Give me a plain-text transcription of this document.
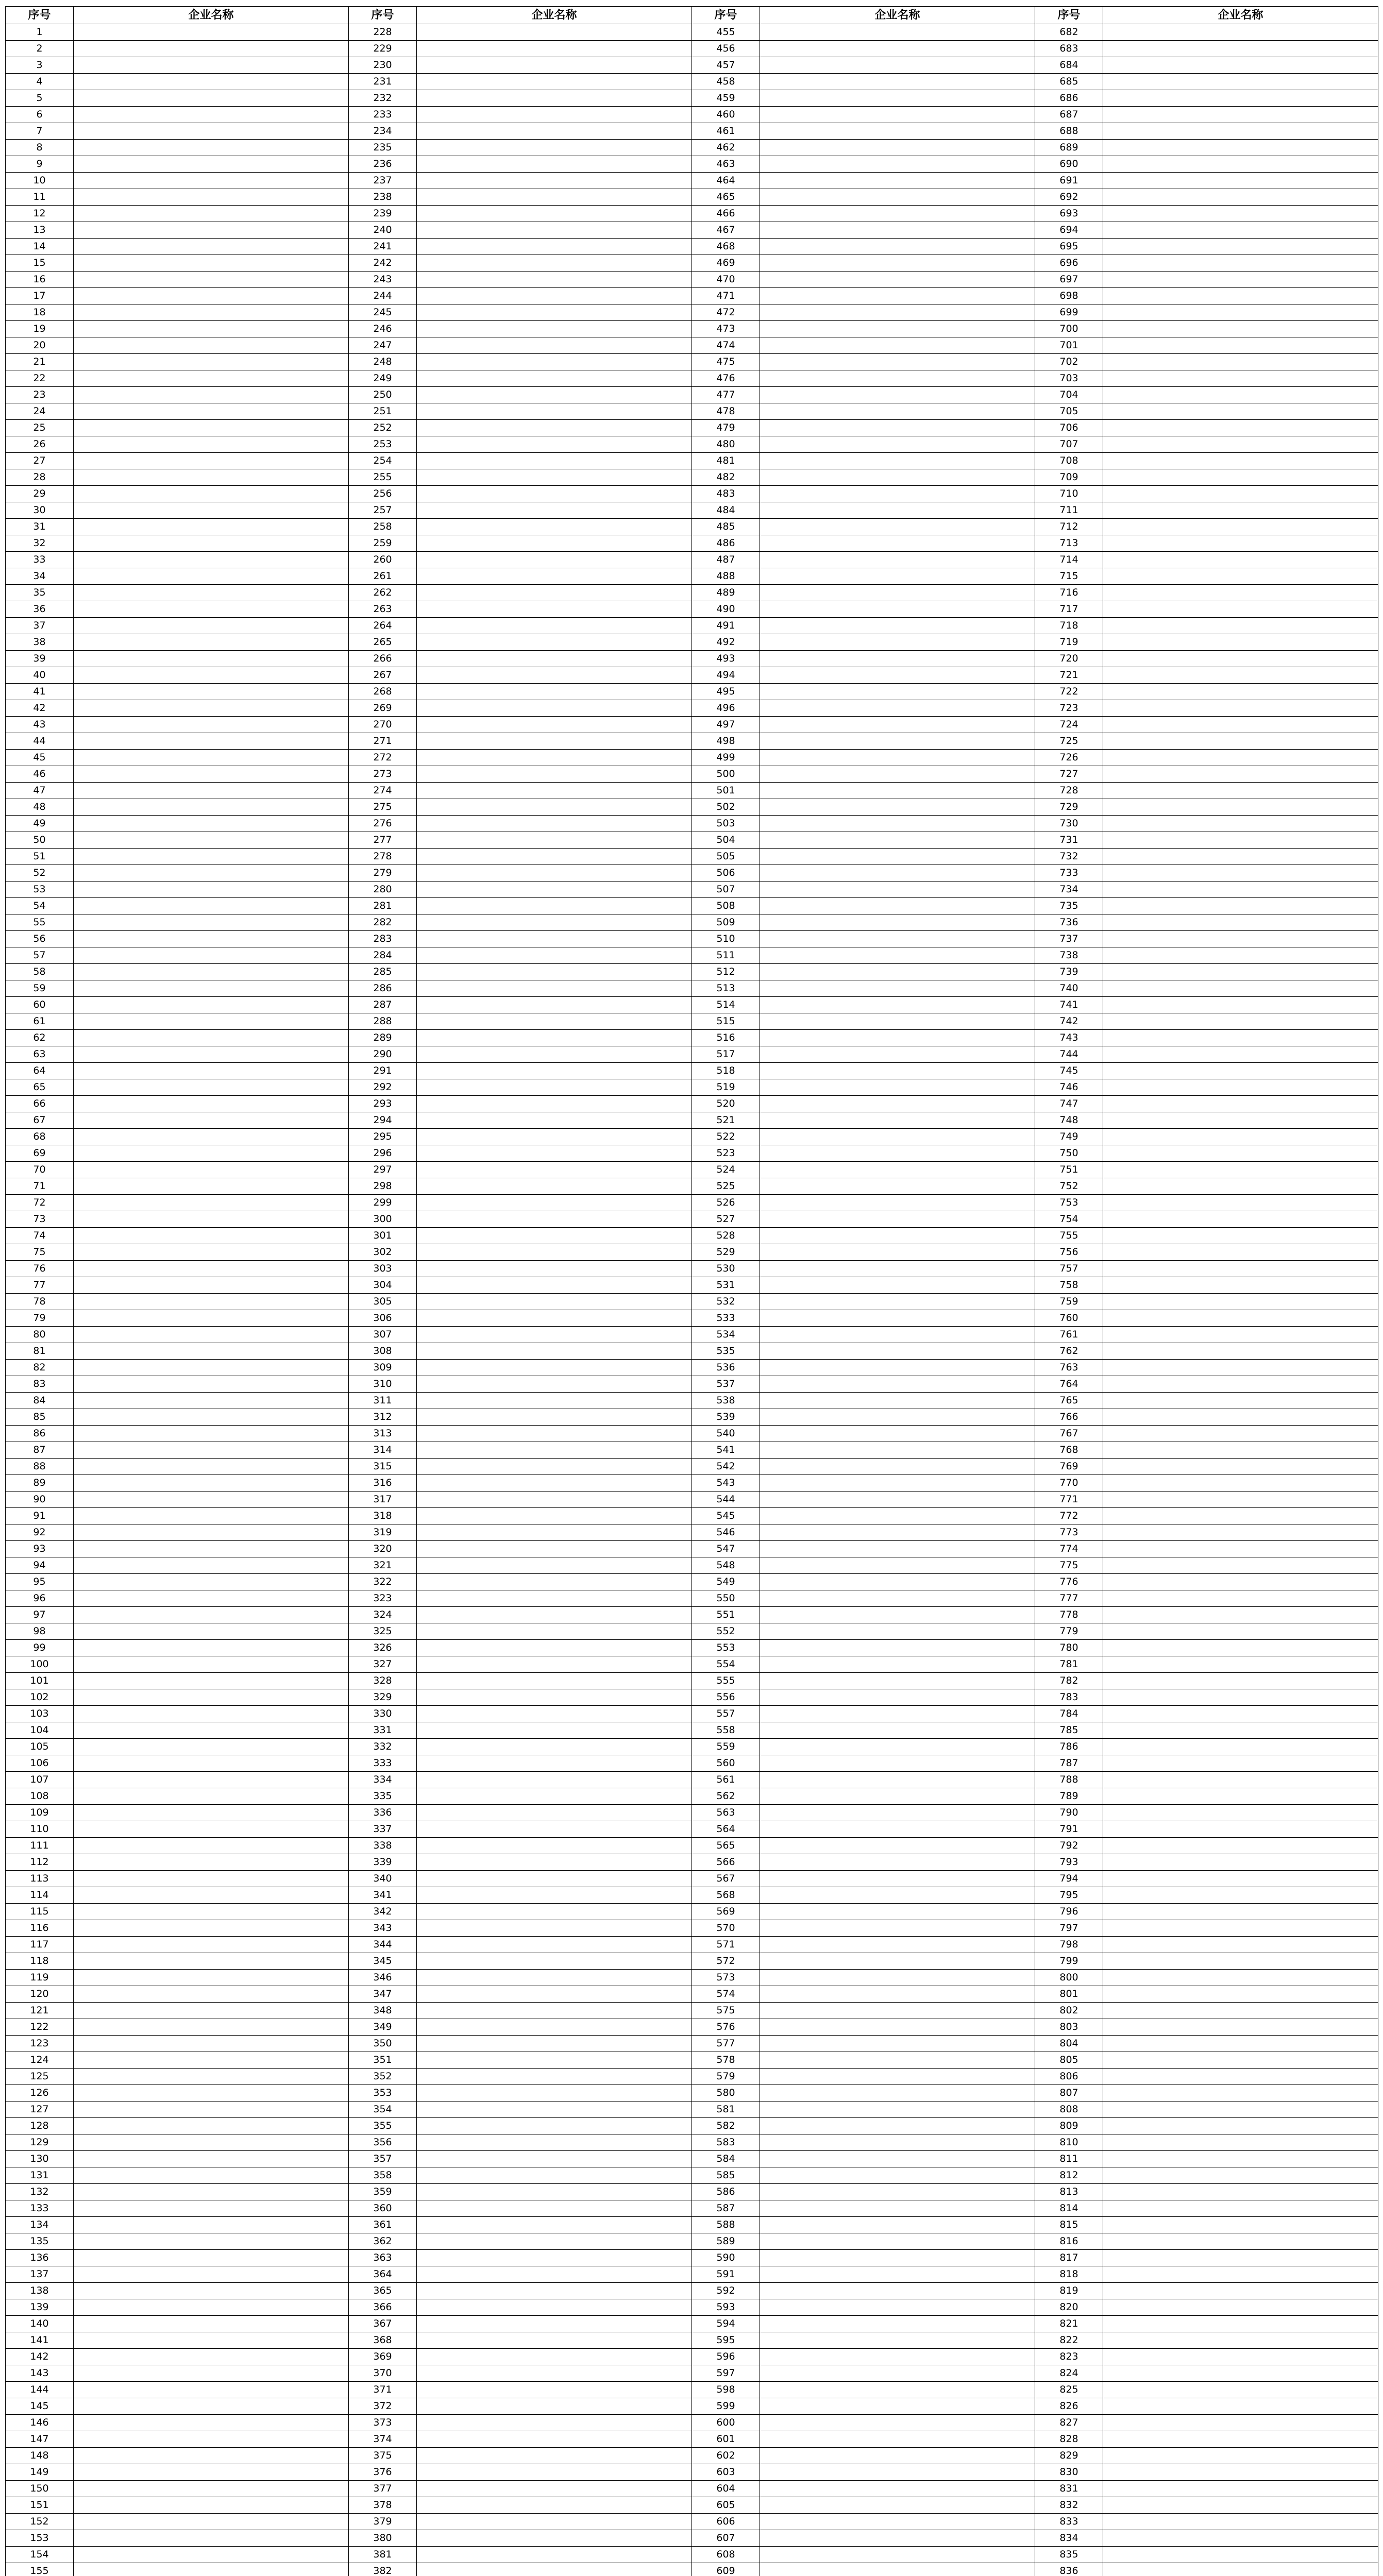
序号	企业名称	序号	企业名称	序号	企业名称	序号	企业名称
1		228		455		682	
2		229		456		683	
3		230		457		684	
4		231		458		685	
5		232		459		686	
6		233		460		687	
7		234		461		688	
8		235		462		689	
9		236		463		690	
10		237		464		691	
11		238		465		692	
12		239		466		693	
13		240		467		694	
14		241		468		695	
15		242		469		696	
16		243		470		697	
17		244		471		698	
18		245		472		699	
19		246		473		700	
20		247		474		701	
21		248		475		702	
22		249		476		703	
23		250		477		704	
24		251		478		705	
25		252		479		706	
26		253		480		707	
27		254		481		708	
28		255		482		709	
29		256		483		710	
30		257		484		711	
31		258		485		712	
32		259		486		713	
33		260		487		714	
34		261		488		715	
35		262		489		716	
36		263		490		717	
37		264		491		718	
38		265		492		719	
39		266		493		720	
40		267		494		721	
41		268		495		722	
42		269		496		723	
43		270		497		724	
44		271		498		725	
45		272		499		726	
46		273		500		727	
47		274		501		728	
48		275		502		729	
49		276		503		730	
50		277		504		731	
51		278		505		732	
52		279		506		733	
53		280		507		734	
54		281		508		735	
55		282		509		736	
56		283		510		737	
57		284		511		738	
58		285		512		739	
59		286		513		740	
60		287		514		741	
61		288		515		742	
62		289		516		743	
63		290		517		744	
64		291		518		745	
65		292		519		746	
66		293		520		747	
67		294		521		748	
68		295		522		749	
69		296		523		750	
70		297		524		751	
71		298		525		752	
72		299		526		753	
73		300		527		754	
74		301		528		755	
75		302		529		756	
76		303		530		757	
77		304		531		758	
78		305		532		759	
79		306		533		760	
80		307		534		761	
81		308		535		762	
82		309		536		763	
83		310		537		764	
84		311		538		765	
85		312		539		766	
86		313		540		767	
87		314		541		768	
88		315		542		769	
89		316		543		770	
90		317		544		771	
91		318		545		772	
92		319		546		773	
93		320		547		774	
94		321		548		775	
95		322		549		776	
96		323		550		777	
97		324		551		778	
98		325		552		779	
99		326		553		780	
100		327		554		781	
101		328		555		782	
102		329		556		783	
103		330		557		784	
104		331		558		785	
105		332		559		786	
106		333		560		787	
107		334		561		788	
108		335		562		789	
109		336		563		790	
110		337		564		791	
111		338		565		792	
112		339		566		793	
113		340		567		794	
114		341		568		795	
115		342		569		796	
116		343		570		797	
117		344		571		798	
118		345		572		799	
119		346		573		800	
120		347		574		801	
121		348		575		802	
122		349		576		803	
123		350		577		804	
124		351		578		805	
125		352		579		806	
126		353		580		807	
127		354		581		808	
128		355		582		809	
129		356		583		810	
130		357		584		811	
131		358		585		812	
132		359		586		813	
133		360		587		814	
134		361		588		815	
135		362		589		816	
136		363		590		817	
137		364		591		818	
138		365		592		819	
139		366		593		820	
140		367		594		821	
141		368		595		822	
142		369		596		823	
143		370		597		824	
144		371		598		825	
145		372		599		826	
146		373		600		827	
147		374		601		828	
148		375		602		829	
149		376		603		830	
150		377		604		831	
151		378		605		832	
152		379		606		833	
153		380		607		834	
154		381		608		835	
155		382		609		836	
